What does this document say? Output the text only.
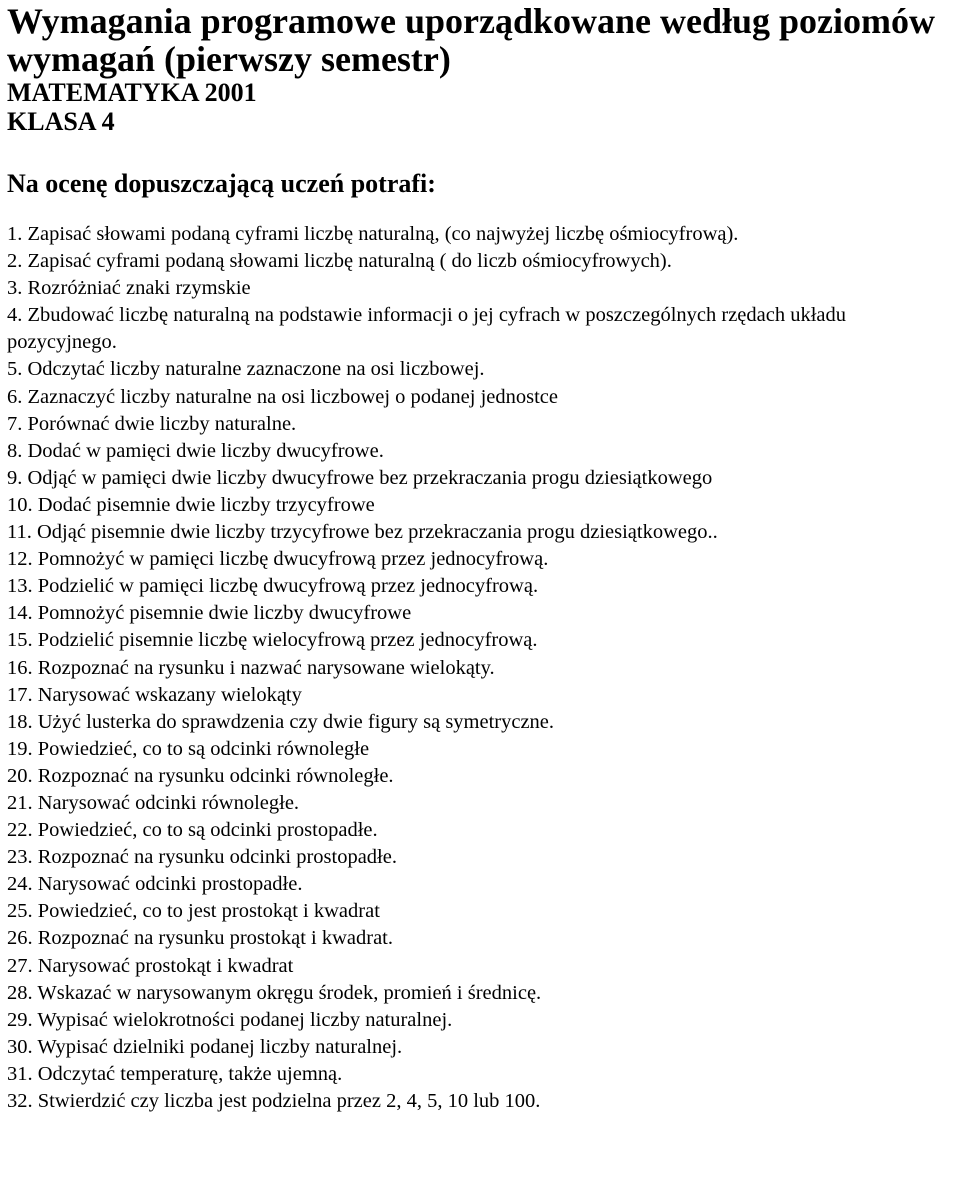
Wymagania programowe uporządkowane według poziomów wymagań (pierwszy semestr)
MATEMATYKA 2001
KLASA 4
Na ocenę dopuszczającą uczeń potrafi:
1. Zapisać słowami podaną cyframi liczbę naturalną, (co najwyżej liczbę ośmiocyfrową).
2. Zapisać cyframi podaną słowami liczbę naturalną ( do liczb ośmiocyfrowych).
3. Rozróżniać znaki rzymskie
4. Zbudować liczbę naturalną na podstawie informacji o jej cyfrach w poszczególnych rzędach układu pozycyjnego.
5. Odczytać liczby naturalne zaznaczone na osi liczbowej.
6. Zaznaczyć liczby naturalne na osi liczbowej o podanej jednostce
7. Porównać dwie liczby naturalne.
8. Dodać w pamięci dwie liczby dwucyfrowe.
9. Odjąć w pamięci dwie liczby dwucyfrowe bez przekraczania progu dziesiątkowego
10. Dodać pisemnie dwie liczby trzycyfrowe
11. Odjąć pisemnie dwie liczby trzycyfrowe bez przekraczania progu dziesiątkowego..
12. Pomnożyć w pamięci liczbę dwucyfrową przez jednocyfrową.
13. Podzielić w pamięci liczbę dwucyfrową przez jednocyfrową.
14. Pomnożyć pisemnie dwie liczby dwucyfrowe
15. Podzielić pisemnie liczbę wielocyfrową przez jednocyfrową.
16. Rozpoznać na rysunku i nazwać narysowane wielokąty.
17. Narysować wskazany wielokąty
18. Użyć lusterka do sprawdzenia czy dwie figury są symetryczne.
19. Powiedzieć, co to są odcinki równoległe
20. Rozpoznać na rysunku odcinki równoległe.
21. Narysować odcinki równoległe.
22. Powiedzieć, co to są odcinki prostopadłe.
23. Rozpoznać na rysunku odcinki prostopadłe.
24. Narysować odcinki prostopadłe.
25. Powiedzieć, co to jest prostokąt i kwadrat
26. Rozpoznać na rysunku prostokąt i kwadrat.
27. Narysować prostokąt i kwadrat
28. Wskazać w narysowanym okręgu środek, promień i średnicę.
29. Wypisać wielokrotności podanej liczby naturalnej.
30. Wypisać dzielniki podanej liczby naturalnej.
31. Odczytać temperaturę, także ujemną.
32. Stwierdzić czy liczba jest podzielna przez 2, 4, 5, 10 lub 100.
